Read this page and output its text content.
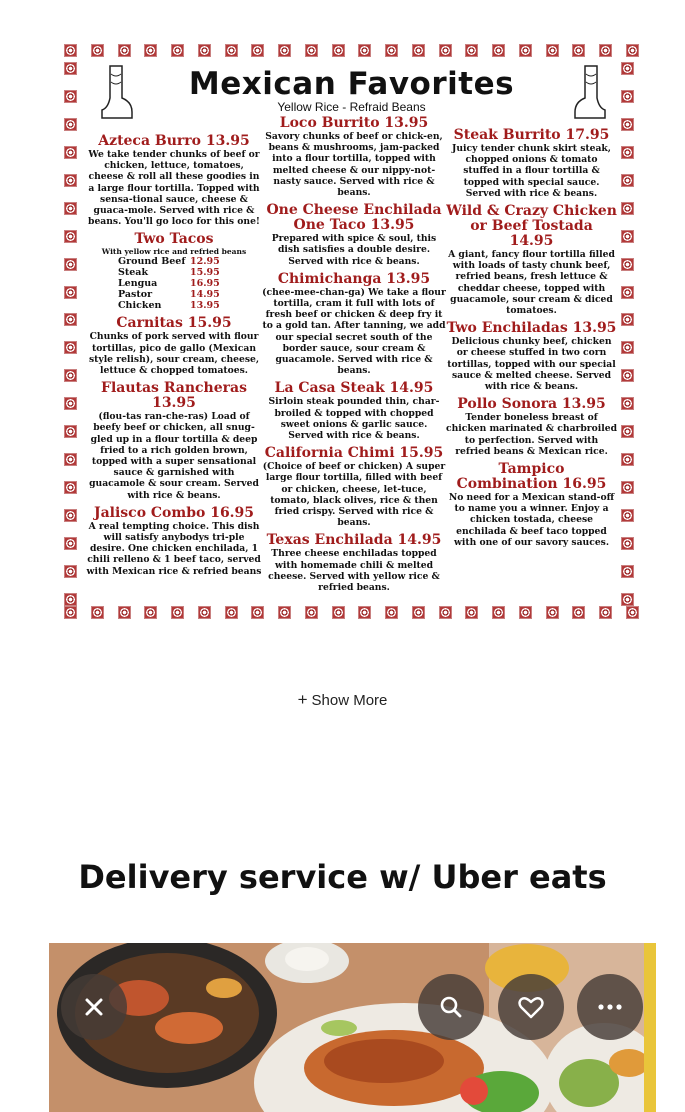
Mexican Favorites
Yellow Rice - Refraid Beans
Azteca Burro 13.95
We take tender chunks of beef or chicken, lettuce, tomatoes, cheese & roll all these goodies in a large flour tortilla. Topped with sensa-tional sauce, cheese & guaca-mole. Served with rice & beans. You'll go loco for this one!
Two Tacos
With yellow rice and refried beans
Ground Beef 12.95
Steak	15.95
Lengua	16.95
Pastor	14.95
Chicken	13.95
Carnitas 15.95
Chunks of pork served with flour tortillas, pico de gallo (Mexican style relish), sour cream, cheese, lettuce & chopped tomatoes.
Flautas Rancheras 13.95
(flou-tas ran-che-ras) Load of beefy beef or chicken, all snug-gled up in a flour tortilla & deep fried to a rich golden brown, topped with a super sensational sauce & garnished with guacamole & sour cream. Served with rice & beans.
Jalisco Combo 16.95
A real tempting choice. This dish will satisfy anybodys tri-ple desire. One chicken enchilada, 1 chili relleno & 1 beef taco, served with Mexican rice & refried beans
Loco Burrito 13.95
Savory chunks of beef or chick-en, beans & mushrooms, jam-packed into a flour tortilla, topped with melted cheese & our nippy-not-nasty sauce. Served with rice & beans.
One Cheese Enchilada One Taco 13.95
Prepared with spice & soul, this dish satisfies a double desire. Served with rice & beans.
Chimichanga 13.95
(chee-mee-chan-ga) We take a flour tortilla, cram it full with lots of fresh beef or chicken & deep fry it to a gold tan. After tanning, we add our special secret south of the border sauce, sour cream & guacamole. Served with rice & beans.
La Casa Steak 14.95
Sirloin steak pounded thin, char-broiled & topped with chopped sweet onions & garlic sauce. Served with rice & beans.
California Chimi 15.95
(Choice of beef or chicken) A super large flour tortilla, filled with beef or chicken, cheese, let-tuce, tomato, black olives, rice & then fried crispy. Served with rice & beans.
Texas Enchilada 14.95
Three cheese enchiladas topped with homemade chili & melted cheese. Served with yellow rice & refried beans.
Steak Burrito 17.95
Juicy tender chunk skirt steak, chopped onions & tomato stuffed in a flour tortilla & topped with special sauce. Served with rice & beans.
Wild & Crazy Chicken or Beef Tostada 14.95
A giant, fancy flour tortilla filled with loads of tasty chunk beef, refried beans, fresh lettuce & cheddar cheese, topped with guacamole, sour cream & diced tomatoes.
Two Enchiladas 13.95
Delicious chunky beef, chicken or cheese stuffed in two corn tortillas, topped with our special sauce & melted cheese. Served with rice & beans.
Pollo Sonora 13.95
Tender boneless breast of chicken marinated & charbroiled to perfection. Served with refried beans & Mexican rice.
Tampico Combination 16.95
No need for a Mexican stand-off to name you a winner. Enjoy a chicken tostada, cheese enchilada & beef taco topped with one of our savory sauces.
+ Show More
Delivery service w/ Uber eats
